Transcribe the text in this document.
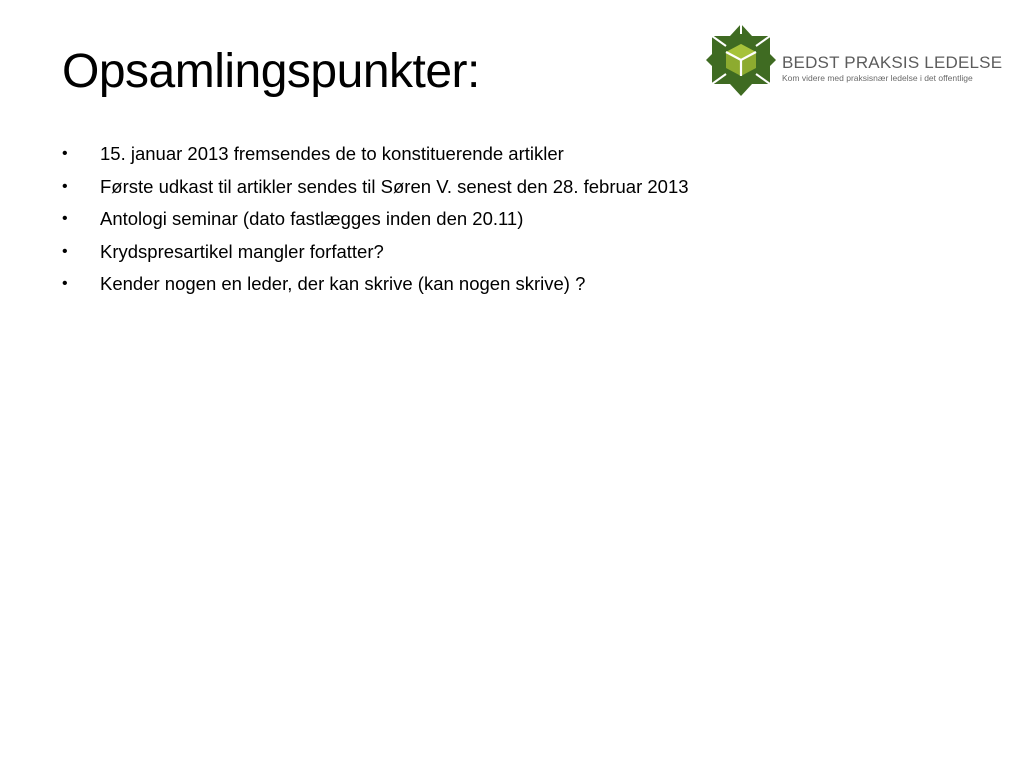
Opsamlingspunkter:	BEDST PRAKSIS LEDELSE
Kom videre med praksisnær ledelse i det offentlige
•	15. januar 2013 fremsendes de to konstituerende artikler
•	Første udkast til artikler sendes til Søren V. senest den 28. februar 2013
•	Antologi seminar (dato fastlægges inden den 20.11)
•	Krydspresartikel mangler forfatter?
•	Kender nogen en leder, der kan skrive (kan nogen skrive) ?
